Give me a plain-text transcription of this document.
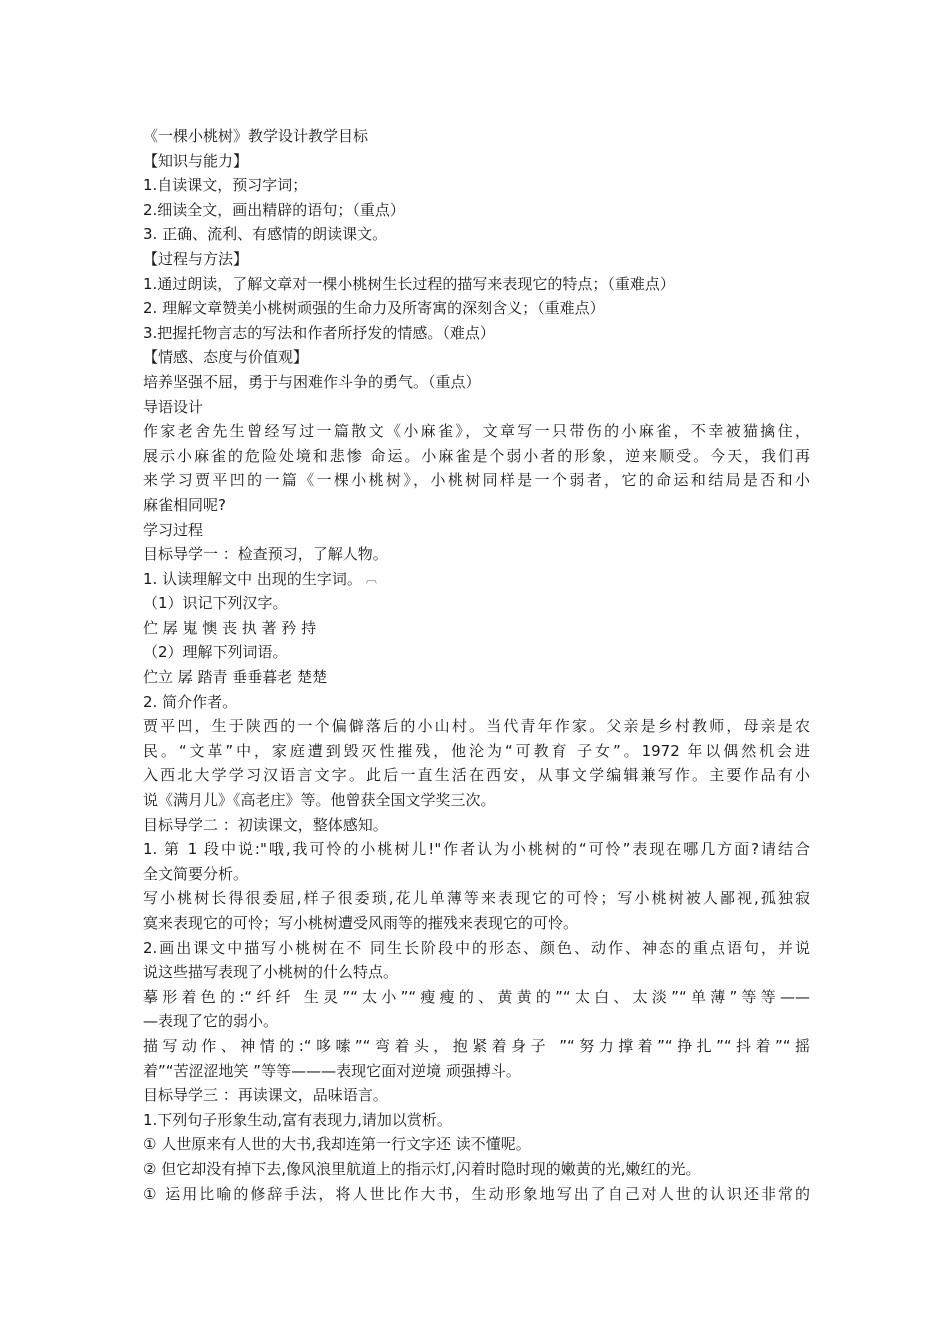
《一棵小桃树》教学设计教学目标
【知识与能力】
1.自读课文，预习字词；
2.细读全文，画出精辟的语句；（重点）
3. 正确、流利、有感情的朗读课文。
【过程与方法】
1.通过朗读，了解文章对一棵小桃树生长过程的描写来表现它的特点；（重难点）
2. 理解文章赞美小桃树顽强的生命力及所寄寓的深刻含义；（重难点）
3.把握托物言志的写法和作者所抒发的情感。（难点）
【情感、态度与价值观】
培养坚强不屈，勇于与困难作斗争的勇气。（重点）
导语设计
作家老舍先生曾经写过一篇散文《小麻雀》，文章写一只带伤的小麻雀，不幸被猫擒住，
展示小麻雀的危险处境和悲惨 命运。小麻雀是个弱小者的形象，逆来顺受。今天，我们再
来学习贾平凹的一篇《一棵小桃树》，小桃树同样是一个弱者，它的命运和结局是否和小
麻雀相同呢?
学习过程
目标导学一 ：检查预习，了解人物。
1. 认读理解文中 出现的生字词。 ︹
（1）识记下列汉字。
伫 孱 嵬 懊 丧 执 著 矜 持
（2）理解下列词语。
伫立 孱 踏青 垂垂暮老 楚楚
2. 简介作者。
贾平凹，生于陕西的一个偏僻落后的小山村。当代青年作家。父亲是乡村教师，母亲是农
民。“文革”中，家庭遭到毁灭性摧残，他沦为“可教育 子女”。1972 年以偶然机会进
入西北大学学习汉语言文字。此后一直生活在西安，从事文学编辑兼写作。主要作品有小
说《满月儿》《高老庄》等。他曾获全国文学奖三次。
目标导学二 ：初读课文，整体感知。
1. 第 1 段中说:"哦,我可怜的小桃树儿!"作者认为小桃树的“可怜”表现在哪几方面?请结合
全文简要分析。
写小桃树长得很委屈,样子很委琐,花儿单薄等来表现它的可怜；写小桃树被人鄙视,孤独寂
寞来表现它的可怜；写小桃树遭受风雨等的摧残来表现它的可怜。
2.画出课文中描写小桃树在不 同生长阶段中的形态、颜色、动作、神态的重点语句，并说
说这些描写表现了小桃树的什么特点。
摹形着色的:“纤纤 生灵”“太小”“瘦瘦的、黄黄的”“太白、太淡”“单薄”等等——
—表现了它的弱小。
描写动作、神情的:“哆嗦”“弯着头，抱紧着身子 ”“努力撑着”“挣扎”“抖着”“摇
着”“苦涩涩地笑 ”等等———表现它面对逆境 顽强搏斗。
目标导学三 ：再读课文，品味语言。
1.下列句子形象生动,富有表现力,请加以赏析。
① 人世原来有人世的大书,我却连第一行文字还 读不懂呢。
② 但它却没有掉下去,像风浪里航道上的指示灯,闪着时隐时现的嫩黄的光,嫩红的光。
① 运用比喻的修辞手法，将人世比作大书，生动形象地写出了自己对人世的认识还非常的
